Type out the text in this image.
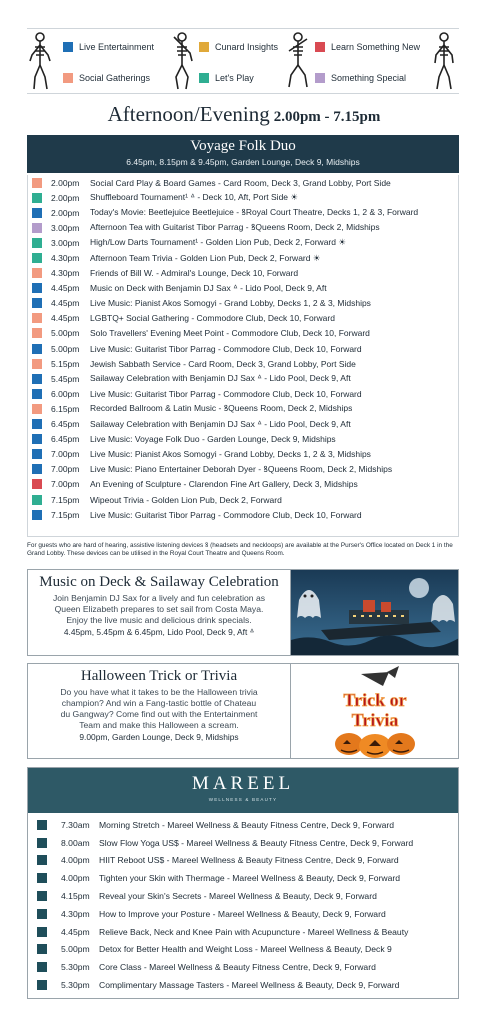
Live Entertainment
Social Gatherings
Cunard Insights
Let's Play
Learn Something New
Something Special
Afternoon/Evening 2.00pm - 7.15pm
Voyage Folk Duo
6.45pm, 8.15pm & 9.45pm, Garden Lounge, Deck 9, Midships
2.00pm	Social Card Play & Board Games - Card Room, Deck 3, Grand Lobby, Port Side
2.00pm	Shuffleboard Tournament¹ ᐞ - Deck 10, Aft, Port Side ☀
2.00pm	Today's Movie: Beetlejuice Beetlejuice - ꝸRoyal Court Theatre, Decks 1, 2 & 3, Forward
3.00pm	Afternoon Tea with Guitarist Tibor Parrag - ꝸQueens Room, Deck 2, Midships
3.00pm	High/Low Darts Tournament¹ - Golden Lion Pub, Deck 2, Forward ☀
4.30pm	Afternoon Team Trivia - Golden Lion Pub, Deck 2, Forward ☀
4.30pm	Friends of Bill W. - Admiral's Lounge, Deck 10, Forward
4.45pm	Music on Deck with Benjamin DJ Sax ᐞ - Lido Pool, Deck 9, Aft
4.45pm	Live Music: Pianist Akos Somogyi - Grand Lobby, Decks 1, 2 & 3, Midships
4.45pm	LGBTQ+ Social Gathering - Commodore Club, Deck 10, Forward
5.00pm	Solo Travellers' Evening Meet Point - Commodore Club, Deck 10, Forward
5.00pm	Live Music: Guitarist Tibor Parrag - Commodore Club, Deck 10, Forward
5.15pm	Jewish Sabbath Service - Card Room, Deck 3, Grand Lobby, Port Side
5.45pm	Sailaway Celebration with Benjamin DJ Sax ᐞ - Lido Pool, Deck 9, Aft
6.00pm	Live Music: Guitarist Tibor Parrag - Commodore Club, Deck 10, Forward
6.15pm	Recorded Ballroom & Latin Music - ꝸQueens Room, Deck 2, Midships
6.45pm	Sailaway Celebration with Benjamin DJ Sax ᐞ - Lido Pool, Deck 9, Aft
6.45pm	Live Music: Voyage Folk Duo - Garden Lounge, Deck 9, Midships
7.00pm	Live Music: Pianist Akos Somogyi - Grand Lobby, Decks 1, 2 & 3, Midships
7.00pm	Live Music: Piano Entertainer Deborah Dyer - ꝸQueens Room, Deck 2, Midships
7.00pm	An Evening of Sculpture - Clarendon Fine Art Gallery, Deck 3, Midships
7.15pm	Wipeout Trivia - Golden Lion Pub, Deck 2, Forward
7.15pm	Live Music: Guitarist Tibor Parrag - Commodore Club, Deck 10, Forward
For guests who are hard of hearing, assistive listening devices ꝸ (headsets and neckloops) are available at the Purser's Office located on Deck 1 in the Grand Lobby. These devices can be utilised in the Royal Court Theatre and Queens Room.
Music on Deck & Sailaway Celebration
Join Benjamin DJ Sax for a lively and fun celebration as Queen Elizabeth prepares to set sail from Costa Maya. Enjoy the live music and delicious drink specials.
4.45pm, 5.45pm & 6.45pm, Lido Pool, Deck 9, Aft ᐞ
Halloween Trick or Trivia
Do you have what it takes to be the Halloween trivia champion? And win a Fang-tastic bottle of Chateau du Gangway? Come find out with the Entertainment Team and make this Halloween a scream.
9.00pm, Garden Lounge, Deck 9, Midships
Trick or
Trivia
MAREEL
WELLNESS & BEAUTY
7.30am	Morning Stretch - Mareel Wellness & Beauty Fitness Centre, Deck 9, Forward
8.00am	Slow Flow Yoga US$ - Mareel Wellness & Beauty Fitness Centre, Deck 9, Forward
4.00pm	HIIT Reboot US$ - Mareel Wellness & Beauty Fitness Centre, Deck 9, Forward
4.00pm	Tighten your Skin with Thermage - Mareel Wellness & Beauty, Deck 9, Forward
4.15pm	Reveal your Skin's Secrets - Mareel Wellness & Beauty, Deck 9, Forward
4.30pm	How to Improve your Posture - Mareel Wellness & Beauty, Deck 9, Forward
4.45pm	Relieve Back, Neck and Knee Pain with Acupuncture - Mareel Wellness & Beauty
5.00pm	Detox for Better Health and Weight Loss - Mareel Wellness & Beauty, Deck 9
5.30pm	Core Class - Mareel Wellness & Beauty Fitness Centre, Deck 9, Forward
5.30pm	Complimentary Massage Tasters - Mareel Wellness & Beauty, Deck 9, Forward
